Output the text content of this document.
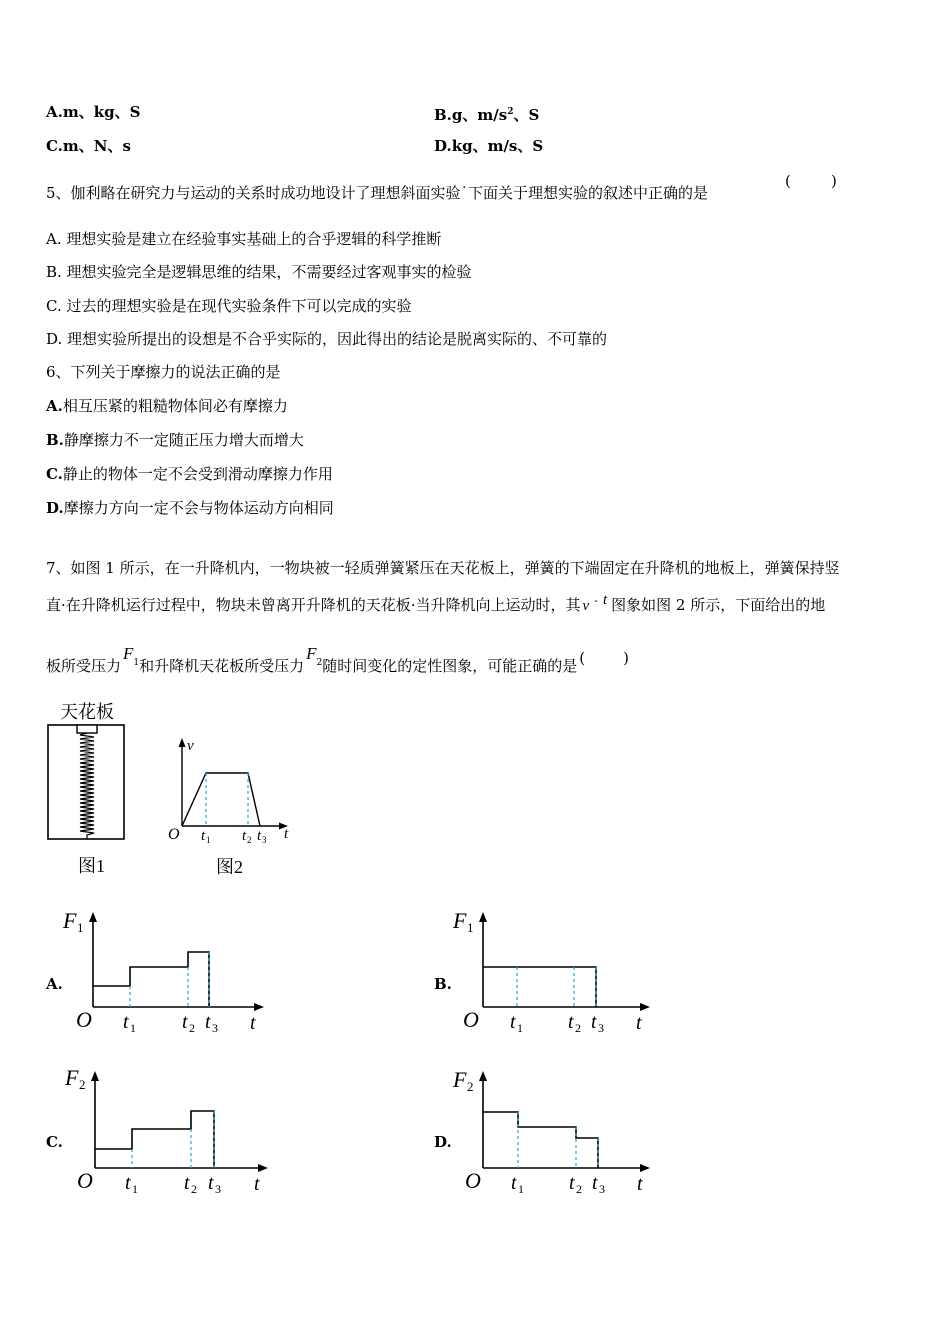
A.m、kg、S	B.g、$m/s^2$、S
C.m、N、s	D.kg、m/s、S
5、伽利略在研究力与运动的关系时成功地设计了理想斜面实验˙下面关于理想实验的叙述中正确的是
(	)
A. 理想实验是建立在经验事实基础上的合乎逻辑的科学推断
B. 理想实验完全是逻辑思维的结果，不需要经过客观事实的检验
C. 过去的理想实验是在现代实验条件下可以完成的实验
D. 理想实验所提出的设想是不合乎实际的，因此得出的结论是脱离实际的、不可靠的
6、下列关于摩擦力的说法正确的是
A.相互压紧的粗糙物体间必有摩擦力
B.静摩擦力不一定随正压力增大而增大
C.静止的物体一定不会受到滑动摩擦力作用
D.摩擦力方向一定不会与物体运动方向相同
7、如图 1 所示，在一升降机内，一物块被一轻质弹簧紧压在天花板上，弹簧的下端固定在升降机的地板上，弹簧保持竖
直·在升降机运行过程中，物块未曾离开升降机的天花板·当升降机向上运动时，其 v - t 图象如图 2 所示，下面给出的地
板所受压力$F_1$和升降机天花板所受压力$F_2$随时间变化的定性图象，可能正确的是 (	)
天花板
图1
v
O t 1 t 2 t 3 t
图2
A.
F 1
O t 1 t 2 t 3 t
B.
F 1
O t 1 t 2 t 3 t
C.
F 2
O t 1 t 2 t 3 t
D.
F 2
O t 1 t 2 t 3 t
